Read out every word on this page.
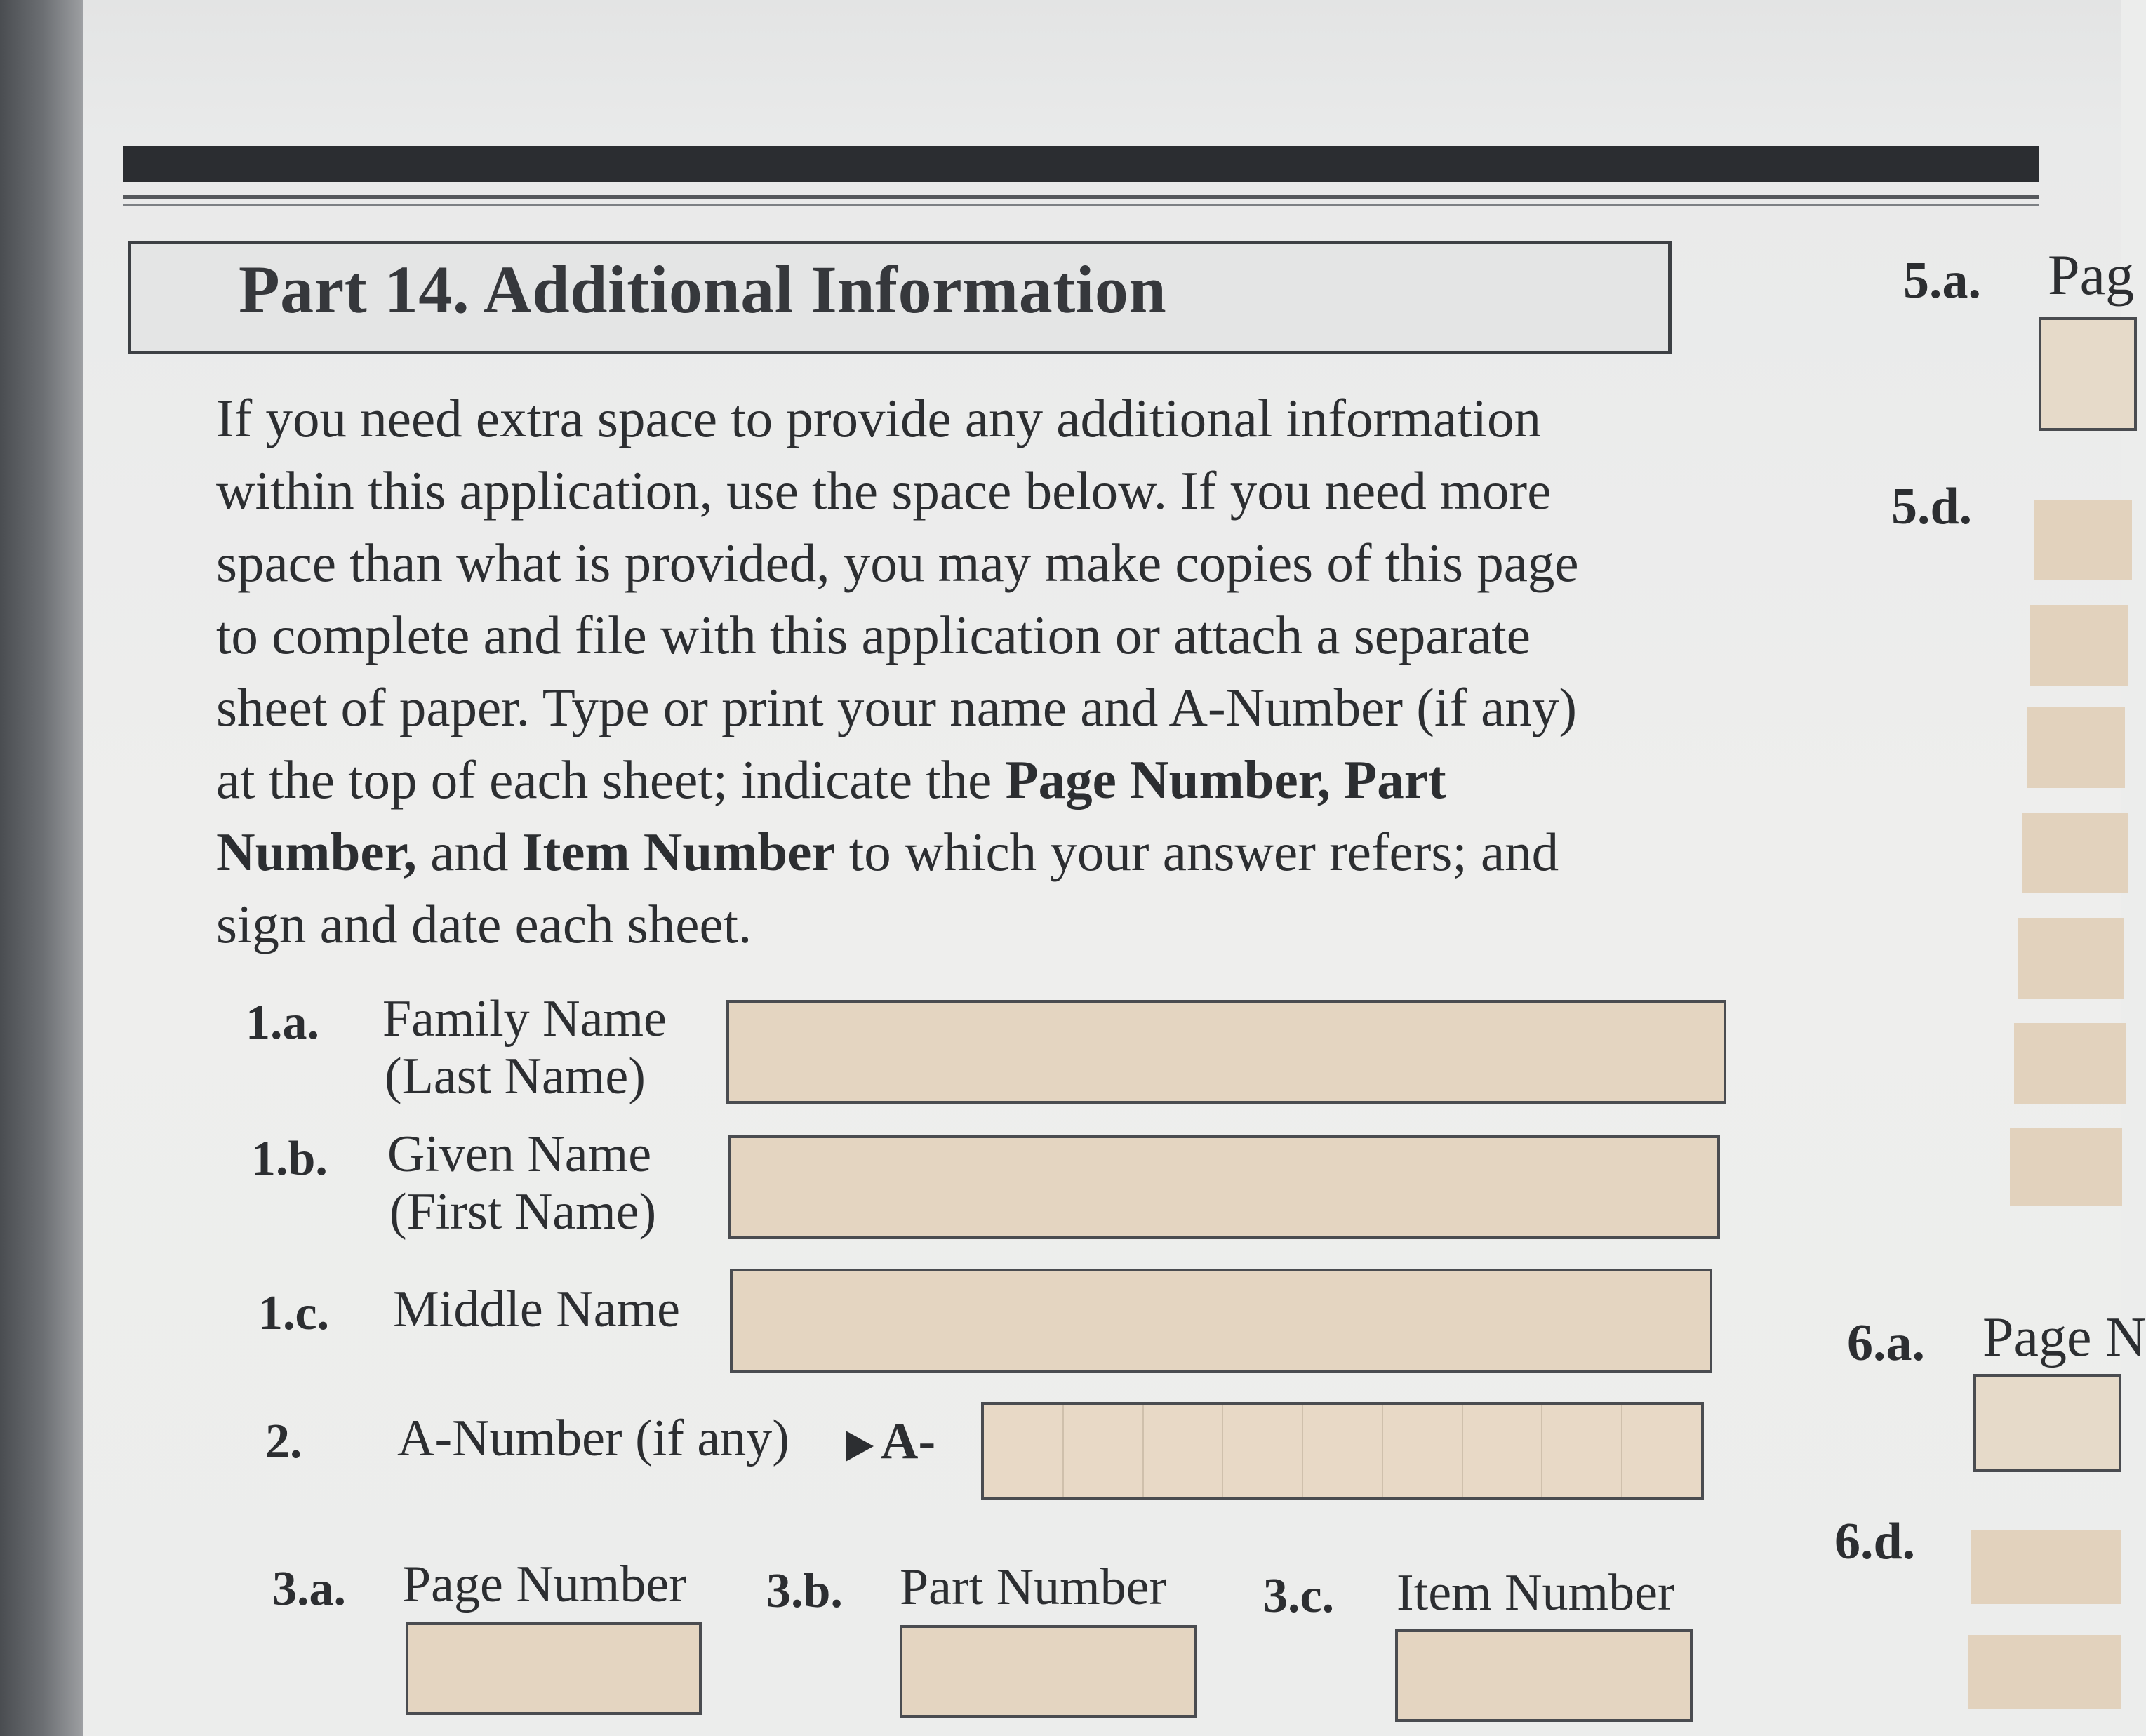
Part 14. Additional Information
If you need extra space to provide any additional information
within this application, use the space below. If you need more
space than what is provided, you may make copies of this page
to complete and file with this application or attach a separate
sheet of paper. Type or print your name and A-Number (if any)
at the top of each sheet; indicate the Page Number, Part
Number, and Item Number to which your answer refers; and
sign and date each sheet.
1.a. Family Name
(Last Name)
1.b. Given Name
(First Name)
1.c. Middle Name
2. A-Number (if any)	A-
3.a. Page Number 3.b. Part Number 3.c. Item Number
5.a. Pag
5.d.
6.a. Page N
6.d.
